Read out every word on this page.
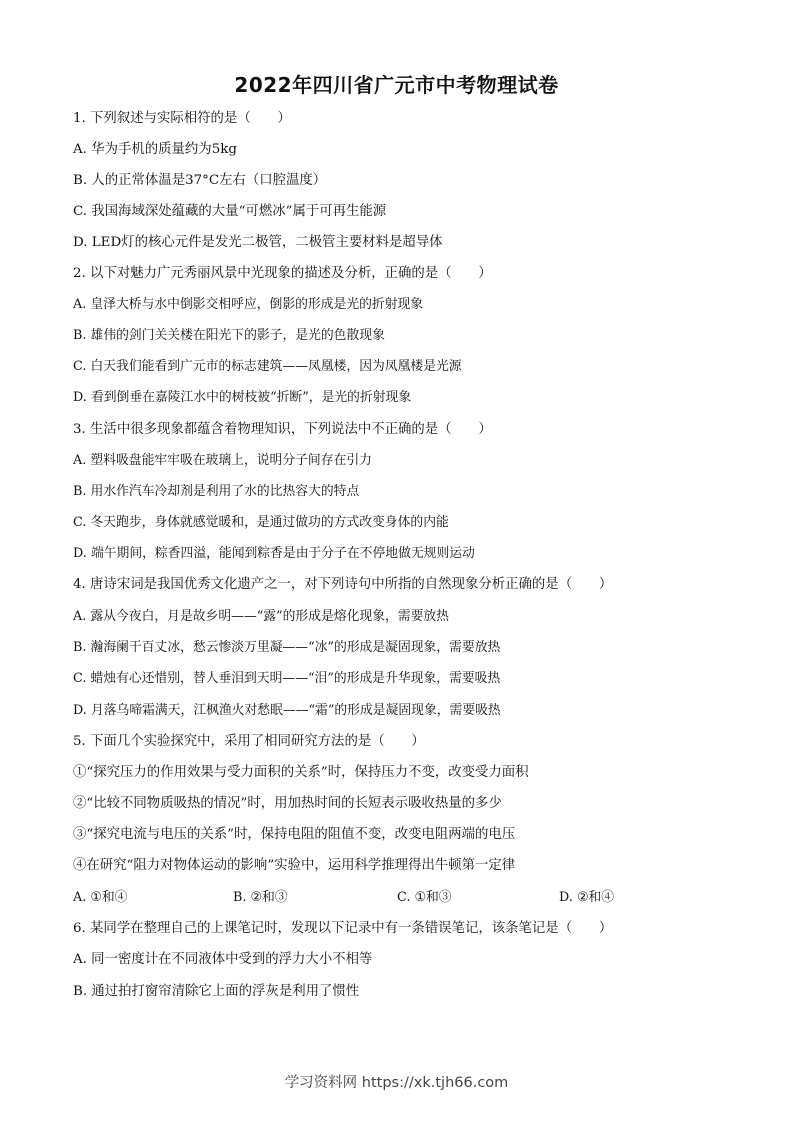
2022年四川省广元市中考物理试卷
1. 下列叙述与实际相符的是（　　）
A. 华为手机的质量约为5kg
B. 人的正常体温是37°C左右（口腔温度）
C. 我国海域深处蕴藏的大量“可燃冰”属于可再生能源
D. LED灯的核心元件是发光二极管，二极管主要材料是超导体
2. 以下对魅力广元秀丽风景中光现象的描述及分析，正确的是（　　）
A. 皇泽大桥与水中倒影交相呼应，倒影的形成是光的折射现象
B. 雄伟的剑门关关楼在阳光下的影子，是光的色散现象
C. 白天我们能看到广元市的标志建筑——凤凰楼，因为凤凰楼是光源
D. 看到倒垂在嘉陵江水中的树枝被“折断”，是光的折射现象
3. 生活中很多现象都蕴含着物理知识，下列说法中不正确的是（　　）
A. 塑料吸盘能牢牢吸在玻璃上，说明分子间存在引力
B. 用水作汽车冷却剂是利用了水的比热容大的特点
C. 冬天跑步，身体就感觉暖和，是通过做功的方式改变身体的内能
D. 端午期间，粽香四溢，能闻到粽香是由于分子在不停地做无规则运动
4. 唐诗宋词是我国优秀文化遗产之一，对下列诗句中所指的自然现象分析正确的是（　　）
A. 露从今夜白，月是故乡明——“露”的形成是熔化现象，需要放热
B. 瀚海阑干百丈冰，愁云惨淡万里凝——“冰”的形成是凝固现象，需要放热
C. 蜡烛有心还惜别，替人垂泪到天明——“泪”的形成是升华现象，需要吸热
D. 月落乌啼霜满天，江枫渔火对愁眠——“霜”的形成是凝固现象，需要吸热
5. 下面几个实验探究中，采用了相同研究方法的是（　　）
①“探究压力的作用效果与受力面积的关系”时，保持压力不变，改变受力面积
②“比较不同物质吸热的情况”时，用加热时间的长短表示吸收热量的多少
③“探究电流与电压的关系”时，保持电阻的阻值不变，改变电阻两端的电压
④在研究“阻力对物体运动的影响”实验中，运用科学推理得出牛顿第一定律
A. ①和④	B. ②和③	C. ①和③	D. ②和④
6. 某同学在整理自己的上课笔记时，发现以下记录中有一条错误笔记，该条笔记是（　　）
A. 同一密度计在不同液体中受到的浮力大小不相等
B. 通过拍打窗帘清除它上面的浮灰是利用了惯性
学习资料网 https://xk.tjh66.com
